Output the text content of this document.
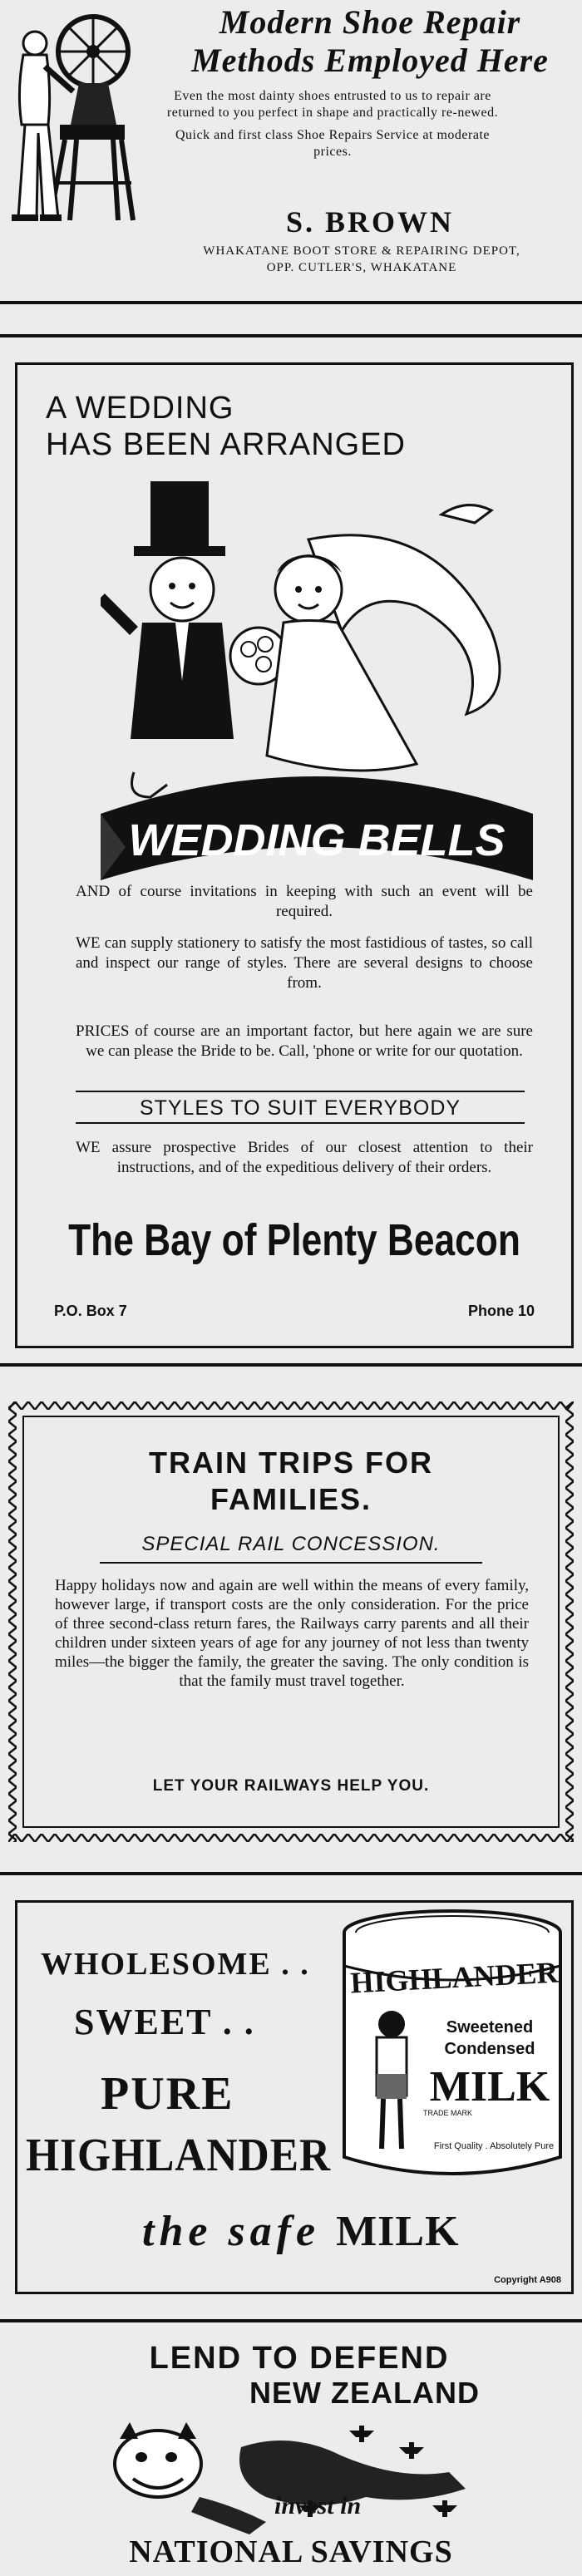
Modern Shoe Repair
Methods Employed Here

Even the most dainty shoes entrusted to us to repair are returned to you perfect in shape and practically re-newed.

Quick and first class Shoe Repairs Service at moderate prices.

S. BROWN
WHAKATANE BOOT STORE & REPAIRING DEPOT,
OPP. CUTLER'S, WHAKATANE
A WEDDING
HAS BEEN ARRANGED
WEDDING BELLS

AND of course invitations in keeping with such an event will be required.

WE can supply stationery to satisfy the most fastidious of tastes, so call and inspect our range of styles. There are several designs to choose from.

PRICES of course are an important factor, but here again we are sure we can please the Bride to be. Call, 'phone or write for our quotation.

STYLES TO SUIT EVERYBODY

WE assure prospective Brides of our closest attention to their instructions, and of the expeditious delivery of their orders.

The Bay of Plenty Beacon
P.O. Box 7	Phone 10
TRAIN TRIPS FOR
FAMILIES.
SPECIAL RAIL CONCESSION.

Happy holidays now and again are well within the means of every family, however large, if transport costs are the only consideration. For the price of three second-class return fares, the Railways carry parents and all their children under sixteen years of age for any journey of not less than twenty miles—the bigger the family, the greater the saving. The only condition is that the family must travel together.

LET YOUR RAILWAYS HELP YOU.
WHOLESOME . .
SWEET . .
PURE
HIGHLANDER
the safe MILK
HIGHLANDER
TRADE MARK
Sweetened
Condensed
MILK
First Quality . Absolutely Pure
Copyright A908
LEND TO DEFEND
NEW ZEALAND
invest in
NATIONAL SAVINGS
